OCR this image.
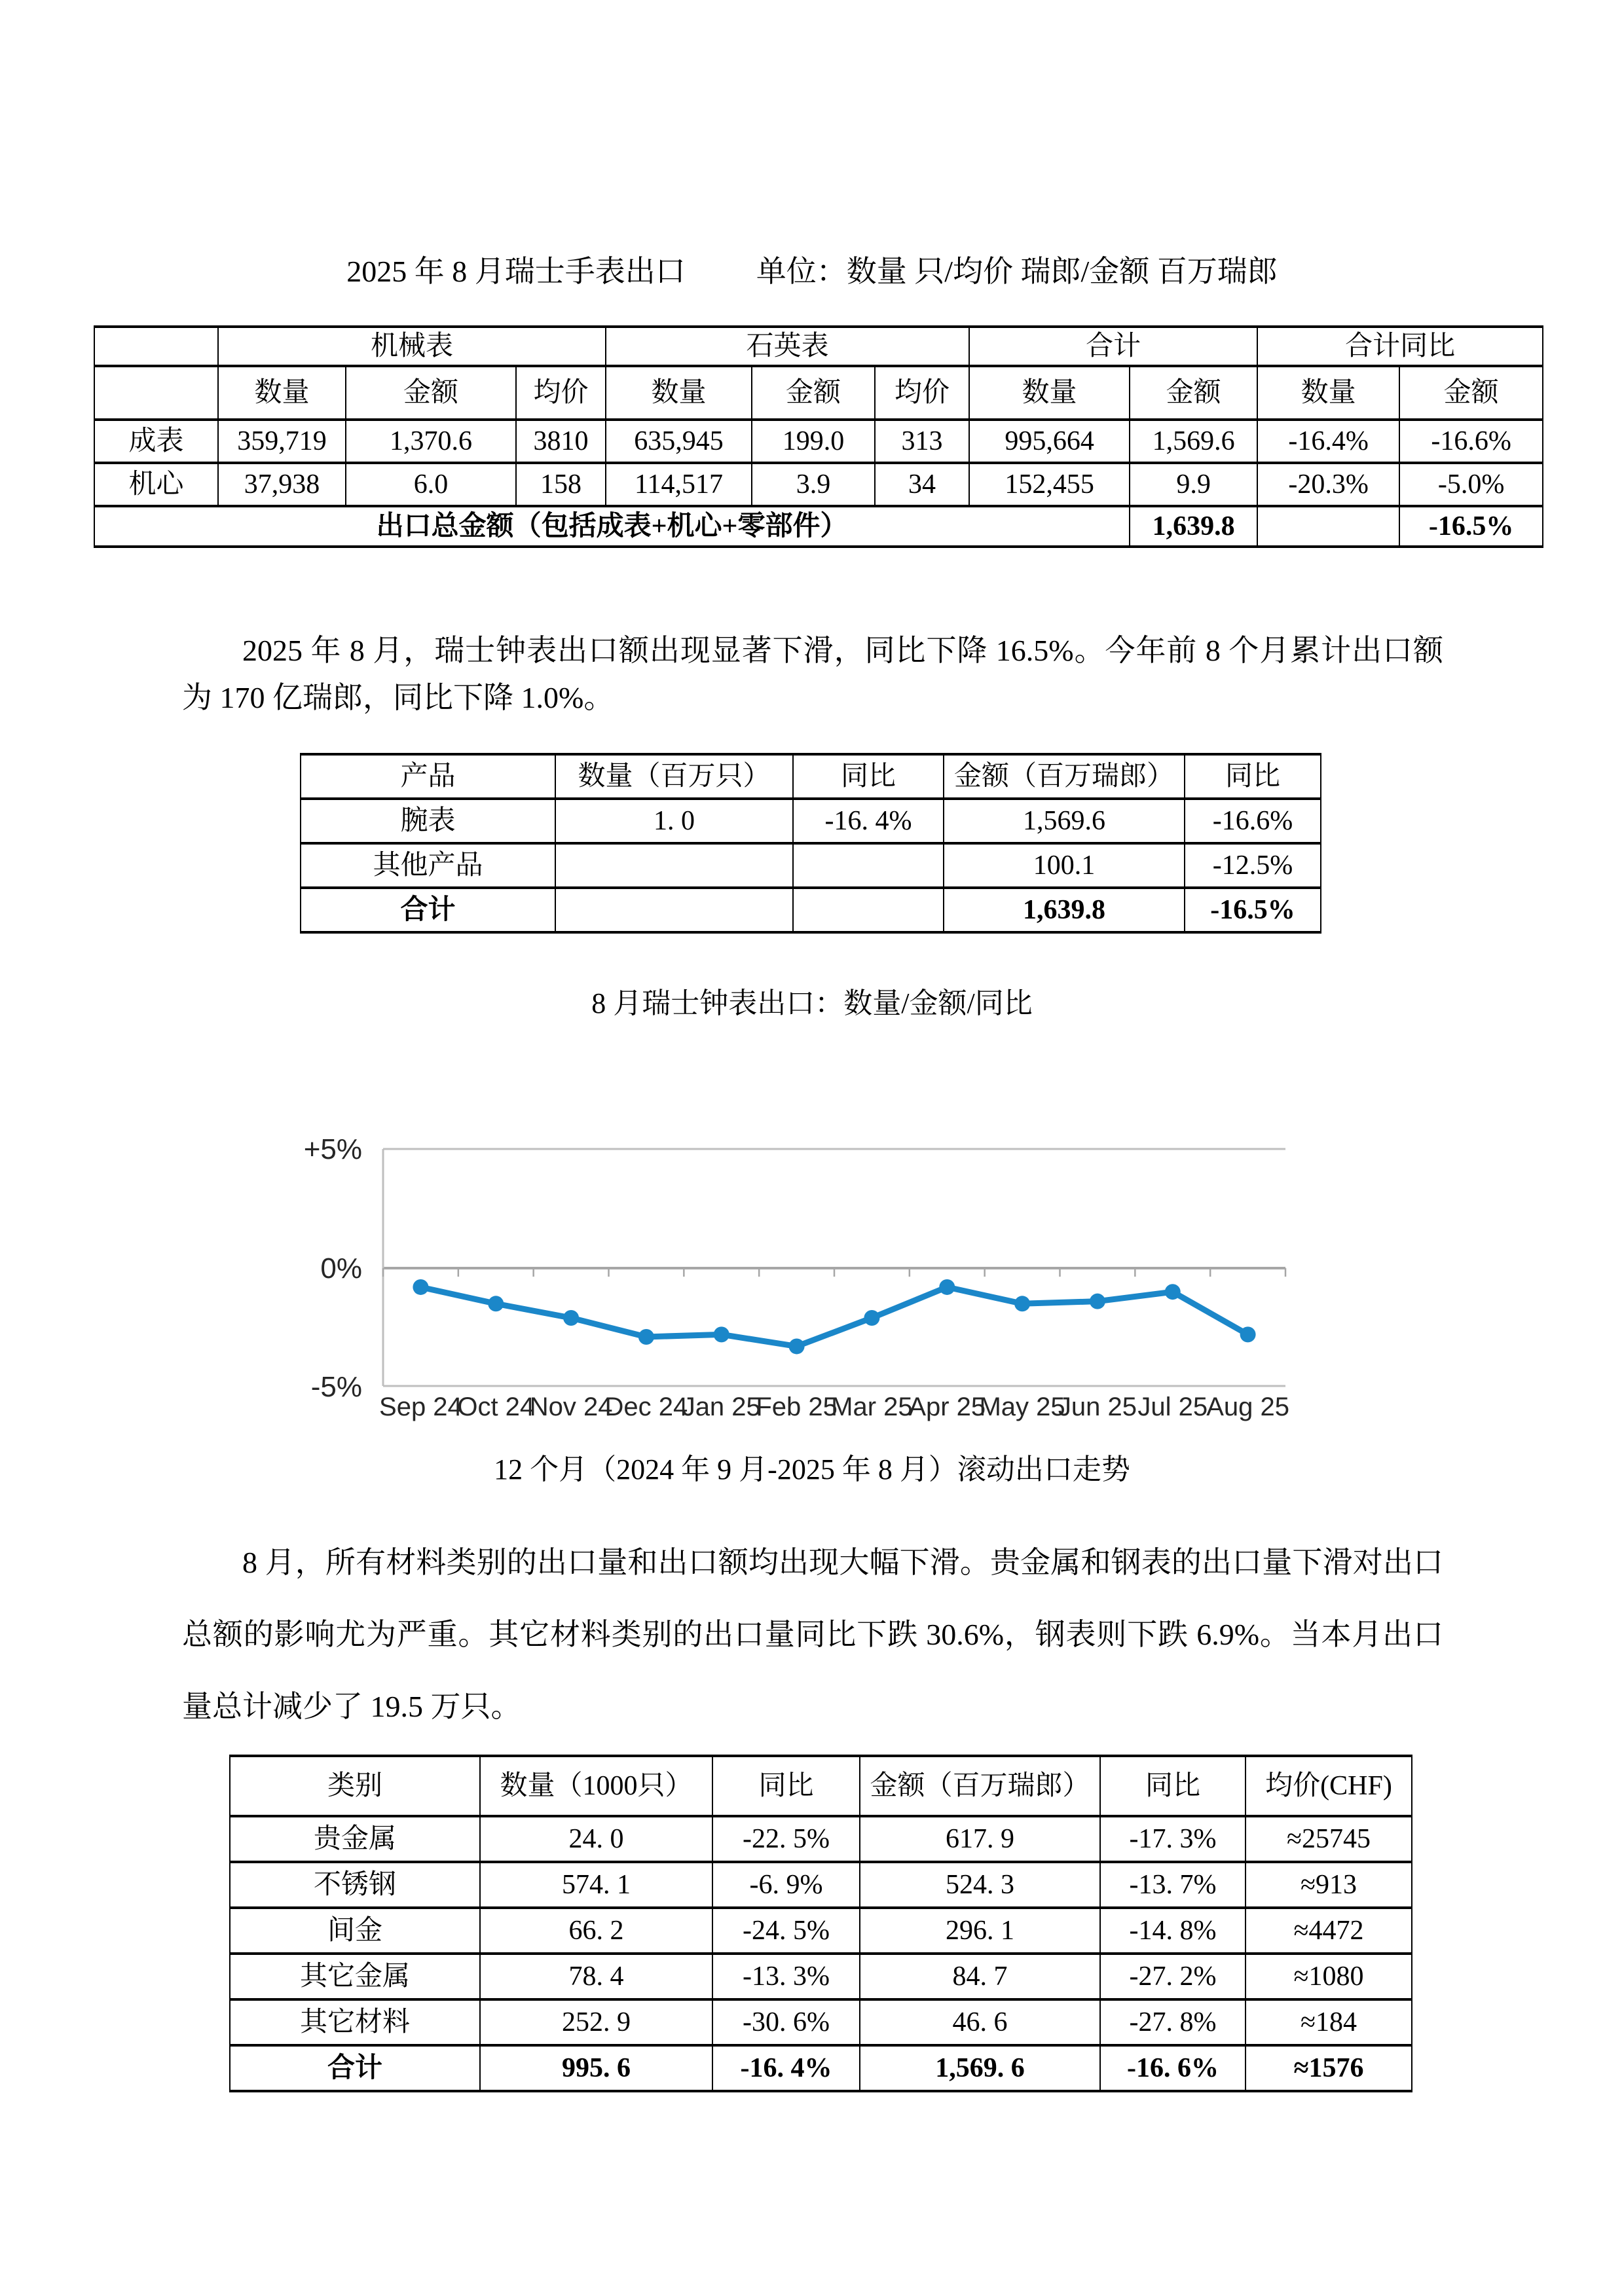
2025 年 8 月瑞士手表出口 单位：数量 只/均价 瑞郎/金额 百万瑞郎
	机械表			石英表			合计		合计同比	
	数量	金额	均价	数量	金额	均价	数量	金额	数量	金额
成表	359,719	1,370.6	3810	635,945	199.0	313	995,664	1,569.6	-16.4%	-16.6%
机心	37,938	6.0	158	114,517	3.9	34	152,455	9.9	-20.3%	-5.0%
出口总金额（包括成表+机心+零部件）								1,639.8		-16.5%

2025 年 8 月，瑞士钟表出口额出现显著下滑，同比下降 16.5%。今年前 8 个月累计出口额为 170 亿瑞郎，同比下降 1.0%。

产品	数量（百万只）	同比	金额（百万瑞郎）	同比
腕表	1. 0	-16. 4%	1,569.6	-16.6%
其他产品			100.1	-12.5%
合计			1,639.8	-16.5%
8 月瑞士钟表出口：数量/金额/同比
+5%
0%
-5%
Sep 24
Oct 24
Nov 24
Dec 24
Jan 25
Feb 25
Mar 25
Apr 25
May 25
Jun 25 Jul 25
Aug 25
12 个月（2024 年 9 月-2025 年 8 月）滚动出口走势

8 月，所有材料类别的出口量和出口额均出现大幅下滑。贵金属和钢表的出口量下滑对出口总额的影响尤为严重。其它材料类别的出口量同比下跌 30.6%，钢表则下跌 6.9%。当本月出口量总计减少了 19.5 万只。

类别	数量（1000只）	同比	金额（百万瑞郎）	同比	均价(CHF)
贵金属	24. 0	-22. 5%	617. 9	-17. 3%	≈25745
不锈钢	574. 1	-6. 9%	524. 3	-13. 7%	≈913
间金	66. 2	-24. 5%	296. 1	-14. 8%	≈4472
其它金属	78. 4	-13. 3%	84. 7	-27. 2%	≈1080
其它材料	252. 9	-30. 6%	46. 6	-27. 8%	≈184
合计	995. 6	-16. 4%	1,569. 6	-16. 6%	≈1576
